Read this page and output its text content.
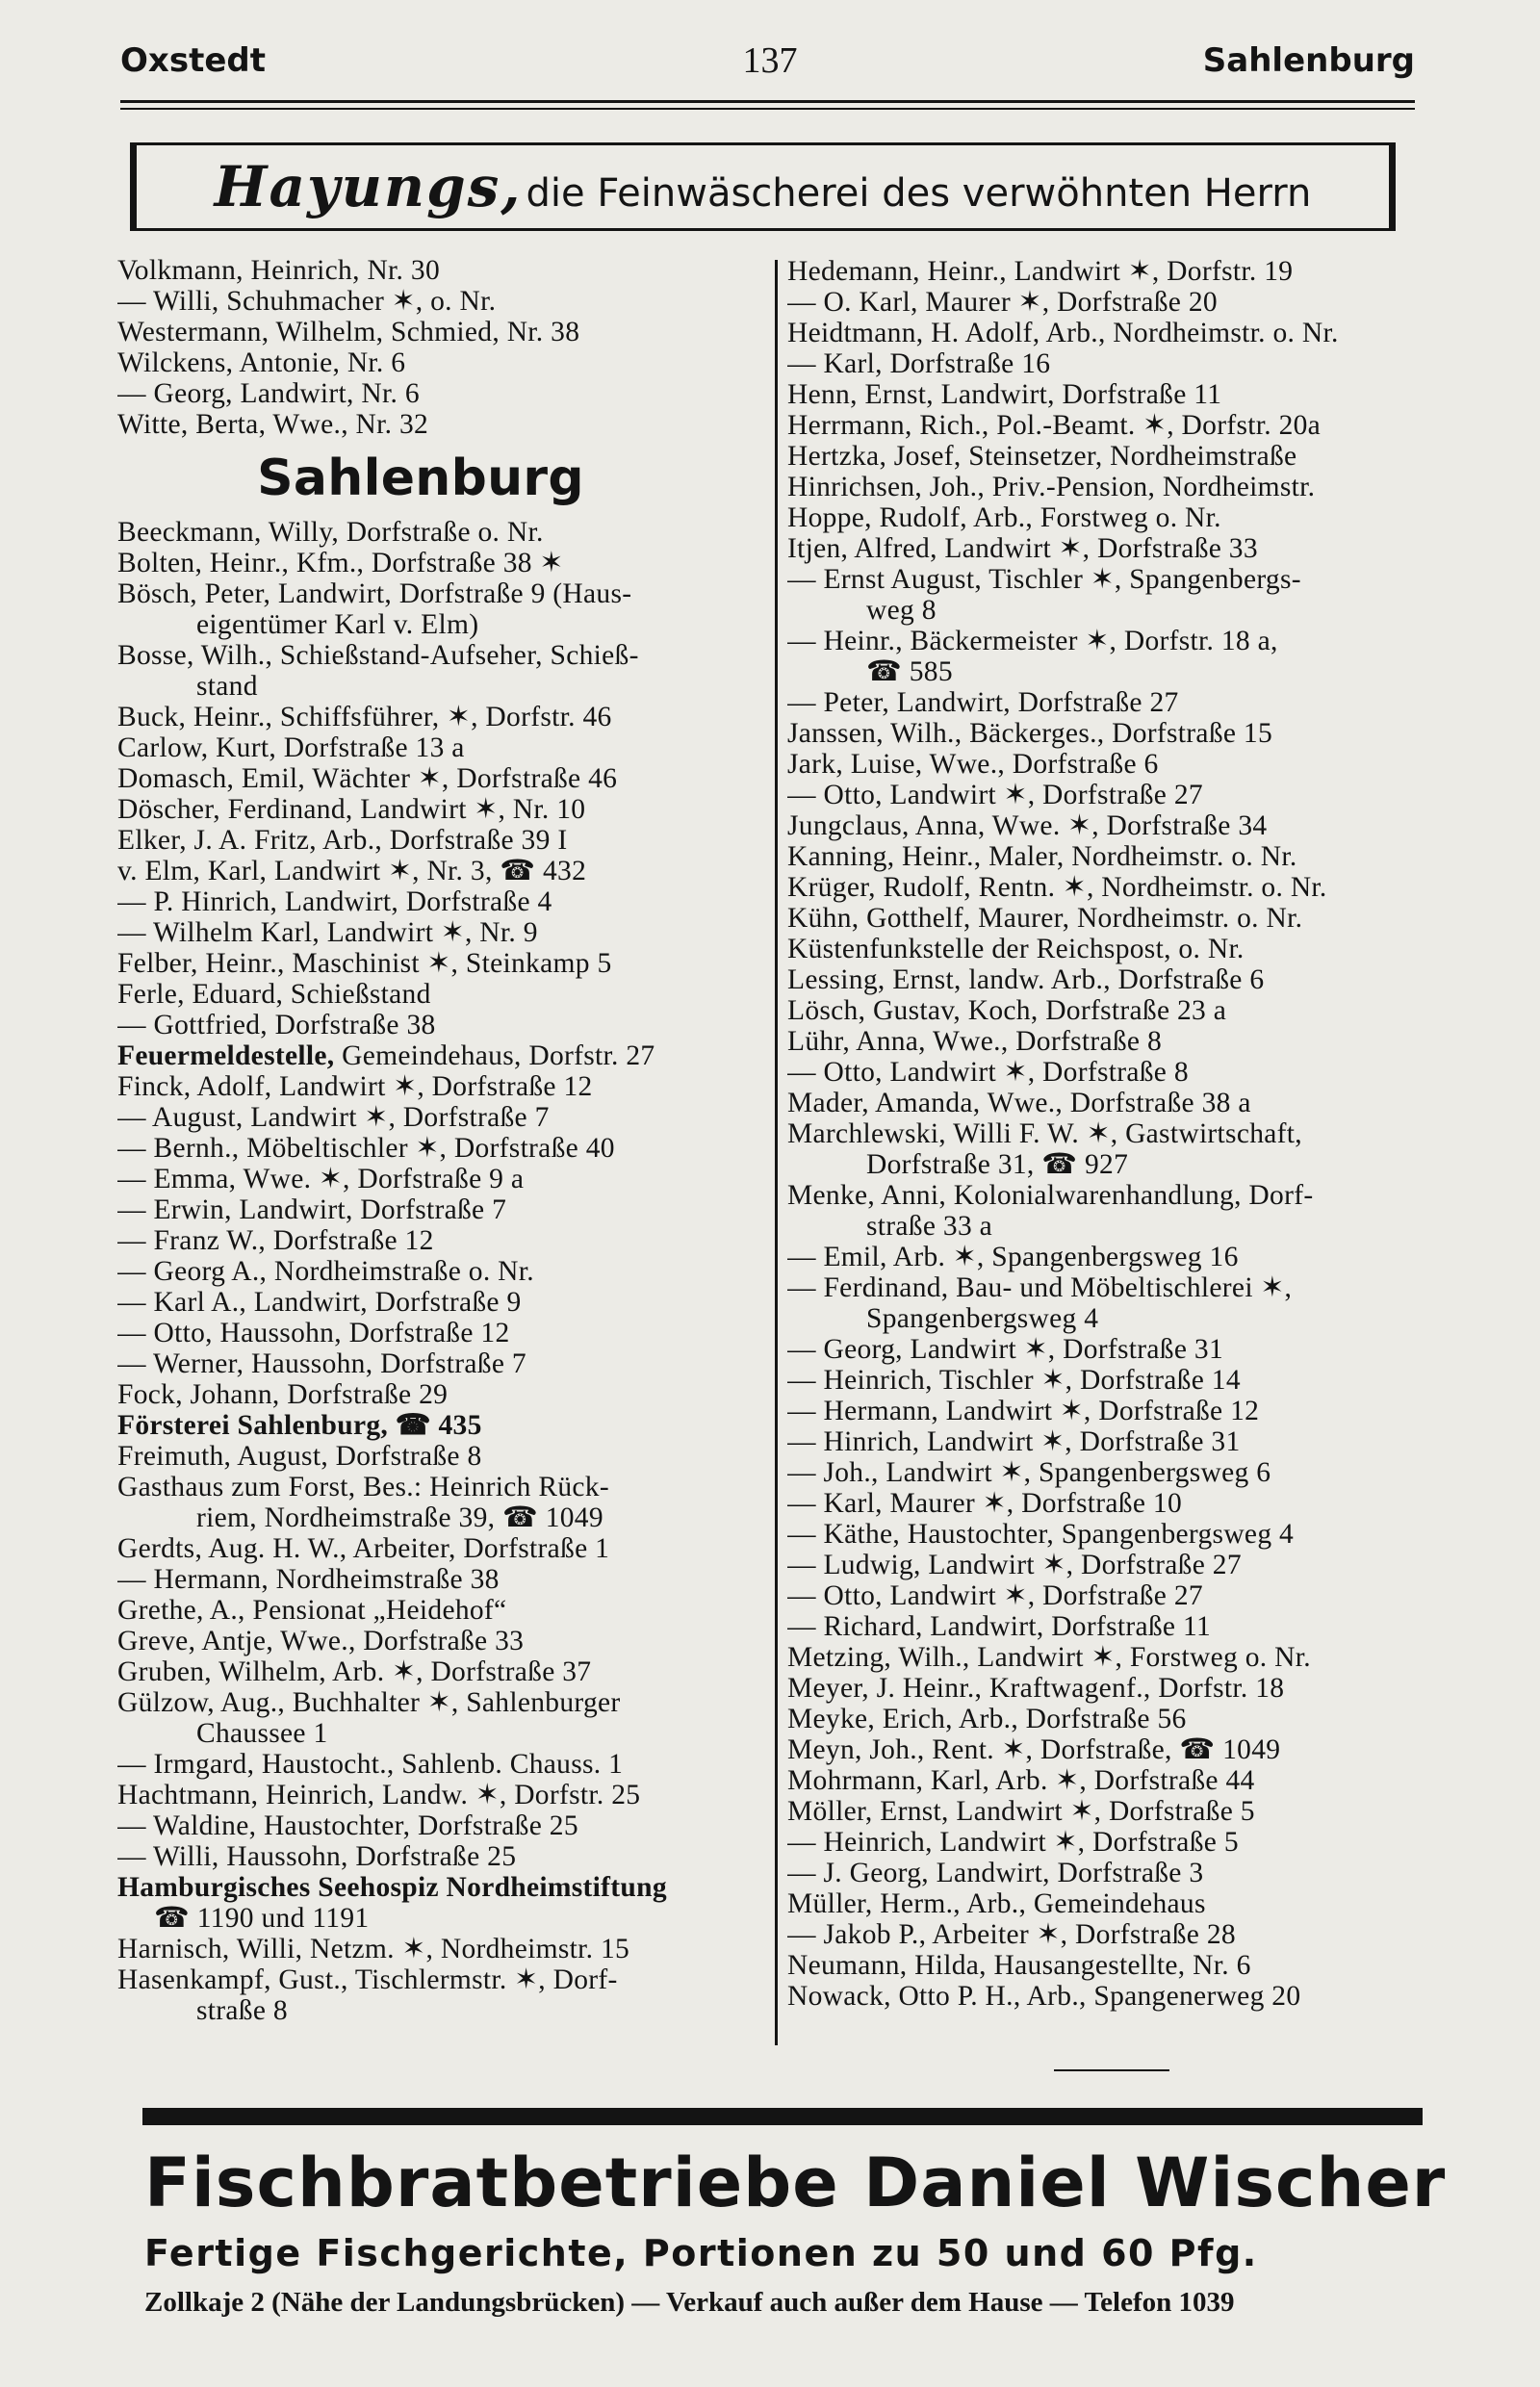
Oxstedt	137	Sahlenburg
Hayungs, die Feinwäscherei des verwöhnten Herrn
Volkmann, Heinrich, Nr. 30
— Willi, Schuhmacher ✶, o. Nr.
Westermann, Wilhelm, Schmied, Nr. 38
Wilckens, Antonie, Nr. 6
— Georg, Landwirt, Nr. 6
Witte, Berta, Wwe., Nr. 32
Sahlenburg
Beeckmann, Willy, Dorfstraße o. Nr.
Bolten, Heinr., Kfm., Dorfstraße 38 ✶
Bösch, Peter, Landwirt, Dorfstraße 9 (Haus-
eigentümer Karl v. Elm)
Bosse, Wilh., Schießstand-Aufseher, Schieß-
stand
Buck, Heinr., Schiffsführer, ✶, Dorfstr. 46
Carlow, Kurt, Dorfstraße 13 a
Domasch, Emil, Wächter ✶, Dorfstraße 46
Döscher, Ferdinand, Landwirt ✶, Nr. 10
Elker, J. A. Fritz, Arb., Dorfstraße 39 I
v. Elm, Karl, Landwirt ✶, Nr. 3, ☎ 432
— P. Hinrich, Landwirt, Dorfstraße 4
— Wilhelm Karl, Landwirt ✶, Nr. 9
Felber, Heinr., Maschinist ✶, Steinkamp 5
Ferle, Eduard, Schießstand
— Gottfried, Dorfstraße 38
Feuermeldestelle, Gemeindehaus, Dorfstr. 27
Finck, Adolf, Landwirt ✶, Dorfstraße 12
— August, Landwirt ✶, Dorfstraße 7
— Bernh., Möbeltischler ✶, Dorfstraße 40
— Emma, Wwe. ✶, Dorfstraße 9 a
— Erwin, Landwirt, Dorfstraße 7
— Franz W., Dorfstraße 12
— Georg A., Nordheimstraße o. Nr.
— Karl A., Landwirt, Dorfstraße 9
— Otto, Haussohn, Dorfstraße 12
— Werner, Haussohn, Dorfstraße 7
Fock, Johann, Dorfstraße 29
Försterei Sahlenburg, ☎ 435
Freimuth, August, Dorfstraße 8
Gasthaus zum Forst, Bes.: Heinrich Rück-
riem, Nordheimstraße 39, ☎ 1049
Gerdts, Aug. H. W., Arbeiter, Dorfstraße 1
— Hermann, Nordheimstraße 38
Grethe, A., Pensionat „Heidehof“
Greve, Antje, Wwe., Dorfstraße 33
Gruben, Wilhelm, Arb. ✶, Dorfstraße 37
Gülzow, Aug., Buchhalter ✶, Sahlenburger
Chaussee 1
— Irmgard, Haustocht., Sahlenb. Chauss. 1
Hachtmann, Heinrich, Landw. ✶, Dorfstr. 25
— Waldine, Haustochter, Dorfstraße 25
— Willi, Haussohn, Dorfstraße 25
Hamburgisches Seehospiz Nordheimstiftung
☎ 1190 und 1191
Harnisch, Willi, Netzm. ✶, Nordheimstr. 15
Hasenkampf, Gust., Tischlermstr. ✶, Dorf-
straße 8
Hedemann, Heinr., Landwirt ✶, Dorfstr. 19
— O. Karl, Maurer ✶, Dorfstraße 20
Heidtmann, H. Adolf, Arb., Nordheimstr. o. Nr.
— Karl, Dorfstraße 16
Henn, Ernst, Landwirt, Dorfstraße 11
Herrmann, Rich., Pol.-Beamt. ✶, Dorfstr. 20a
Hertzka, Josef, Steinsetzer, Nordheimstraße
Hinrichsen, Joh., Priv.-Pension, Nordheimstr.
Hoppe, Rudolf, Arb., Forstweg o. Nr.
Itjen, Alfred, Landwirt ✶, Dorfstraße 33
— Ernst August, Tischler ✶, Spangenbergs-
weg 8
— Heinr., Bäckermeister ✶, Dorfstr. 18 a,
☎ 585
— Peter, Landwirt, Dorfstraße 27
Janssen, Wilh., Bäckerges., Dorfstraße 15
Jark, Luise, Wwe., Dorfstraße 6
— Otto, Landwirt ✶, Dorfstraße 27
Jungclaus, Anna, Wwe. ✶, Dorfstraße 34
Kanning, Heinr., Maler, Nordheimstr. o. Nr.
Krüger, Rudolf, Rentn. ✶, Nordheimstr. o. Nr.
Kühn, Gotthelf, Maurer, Nordheimstr. o. Nr.
Küstenfunkstelle der Reichspost, o. Nr.
Lessing, Ernst, landw. Arb., Dorfstraße 6
Lösch, Gustav, Koch, Dorfstraße 23 a
Lühr, Anna, Wwe., Dorfstraße 8
— Otto, Landwirt ✶, Dorfstraße 8
Mader, Amanda, Wwe., Dorfstraße 38 a
Marchlewski, Willi F. W. ✶, Gastwirtschaft,
Dorfstraße 31, ☎ 927
Menke, Anni, Kolonialwarenhandlung, Dorf-
straße 33 a
— Emil, Arb. ✶, Spangenbergsweg 16
— Ferdinand, Bau- und Möbeltischlerei ✶,
Spangenbergsweg 4
— Georg, Landwirt ✶, Dorfstraße 31
— Heinrich, Tischler ✶, Dorfstraße 14
— Hermann, Landwirt ✶, Dorfstraße 12
— Hinrich, Landwirt ✶, Dorfstraße 31
— Joh., Landwirt ✶, Spangenbergsweg 6
— Karl, Maurer ✶, Dorfstraße 10
— Käthe, Haustochter, Spangenbergsweg 4
— Ludwig, Landwirt ✶, Dorfstraße 27
— Otto, Landwirt ✶, Dorfstraße 27
— Richard, Landwirt, Dorfstraße 11
Metzing, Wilh., Landwirt ✶, Forstweg o. Nr.
Meyer, J. Heinr., Kraftwagenf., Dorfstr. 18
Meyke, Erich, Arb., Dorfstraße 56
Meyn, Joh., Rent. ✶, Dorfstraße, ☎ 1049
Mohrmann, Karl, Arb. ✶, Dorfstraße 44
Möller, Ernst, Landwirt ✶, Dorfstraße 5
— Heinrich, Landwirt ✶, Dorfstraße 5
— J. Georg, Landwirt, Dorfstraße 3
Müller, Herm., Arb., Gemeindehaus
— Jakob P., Arbeiter ✶, Dorfstraße 28
Neumann, Hilda, Hausangestellte, Nr. 6
Nowack, Otto P. H., Arb., Spangenerweg 20
Fischbratbetriebe Daniel Wischer
Fertige Fischgerichte, Portionen zu 50 und 60 Pfg.
Zollkaje 2 (Nähe der Landungsbrücken) — Verkauf auch außer dem Hause — Telefon 1039
